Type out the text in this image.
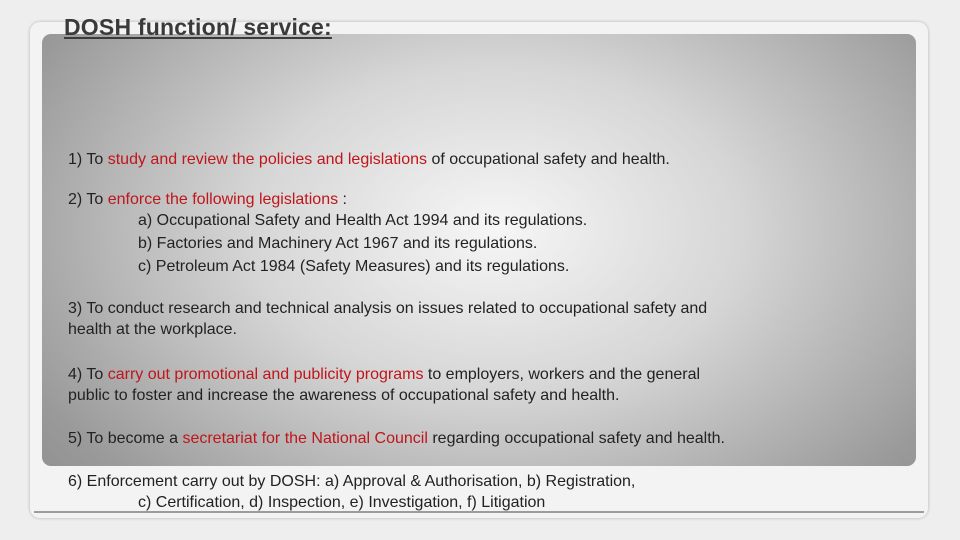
DOSH function/ service:

1) To study and review the policies and legislations of occupational safety and health.

2) To enforce the following legislations :

a) Occupational Safety and Health Act 1994 and its regulations.

b) Factories and Machinery Act 1967 and its regulations.

c) Petroleum Act 1984 (Safety Measures) and its regulations.

3) To conduct research and technical analysis on issues related to occupational safety and

health at the workplace.

4) To carry out promotional and publicity programs to employers, workers and the general

public to foster and increase the awareness of occupational safety and health.

5) To become a secretariat for the National Council regarding occupational safety and health.

6) Enforcement carry out by DOSH: a) Approval & Authorisation, b) Registration,

c) Certification, d) Inspection, e) Investigation, f) Litigation
